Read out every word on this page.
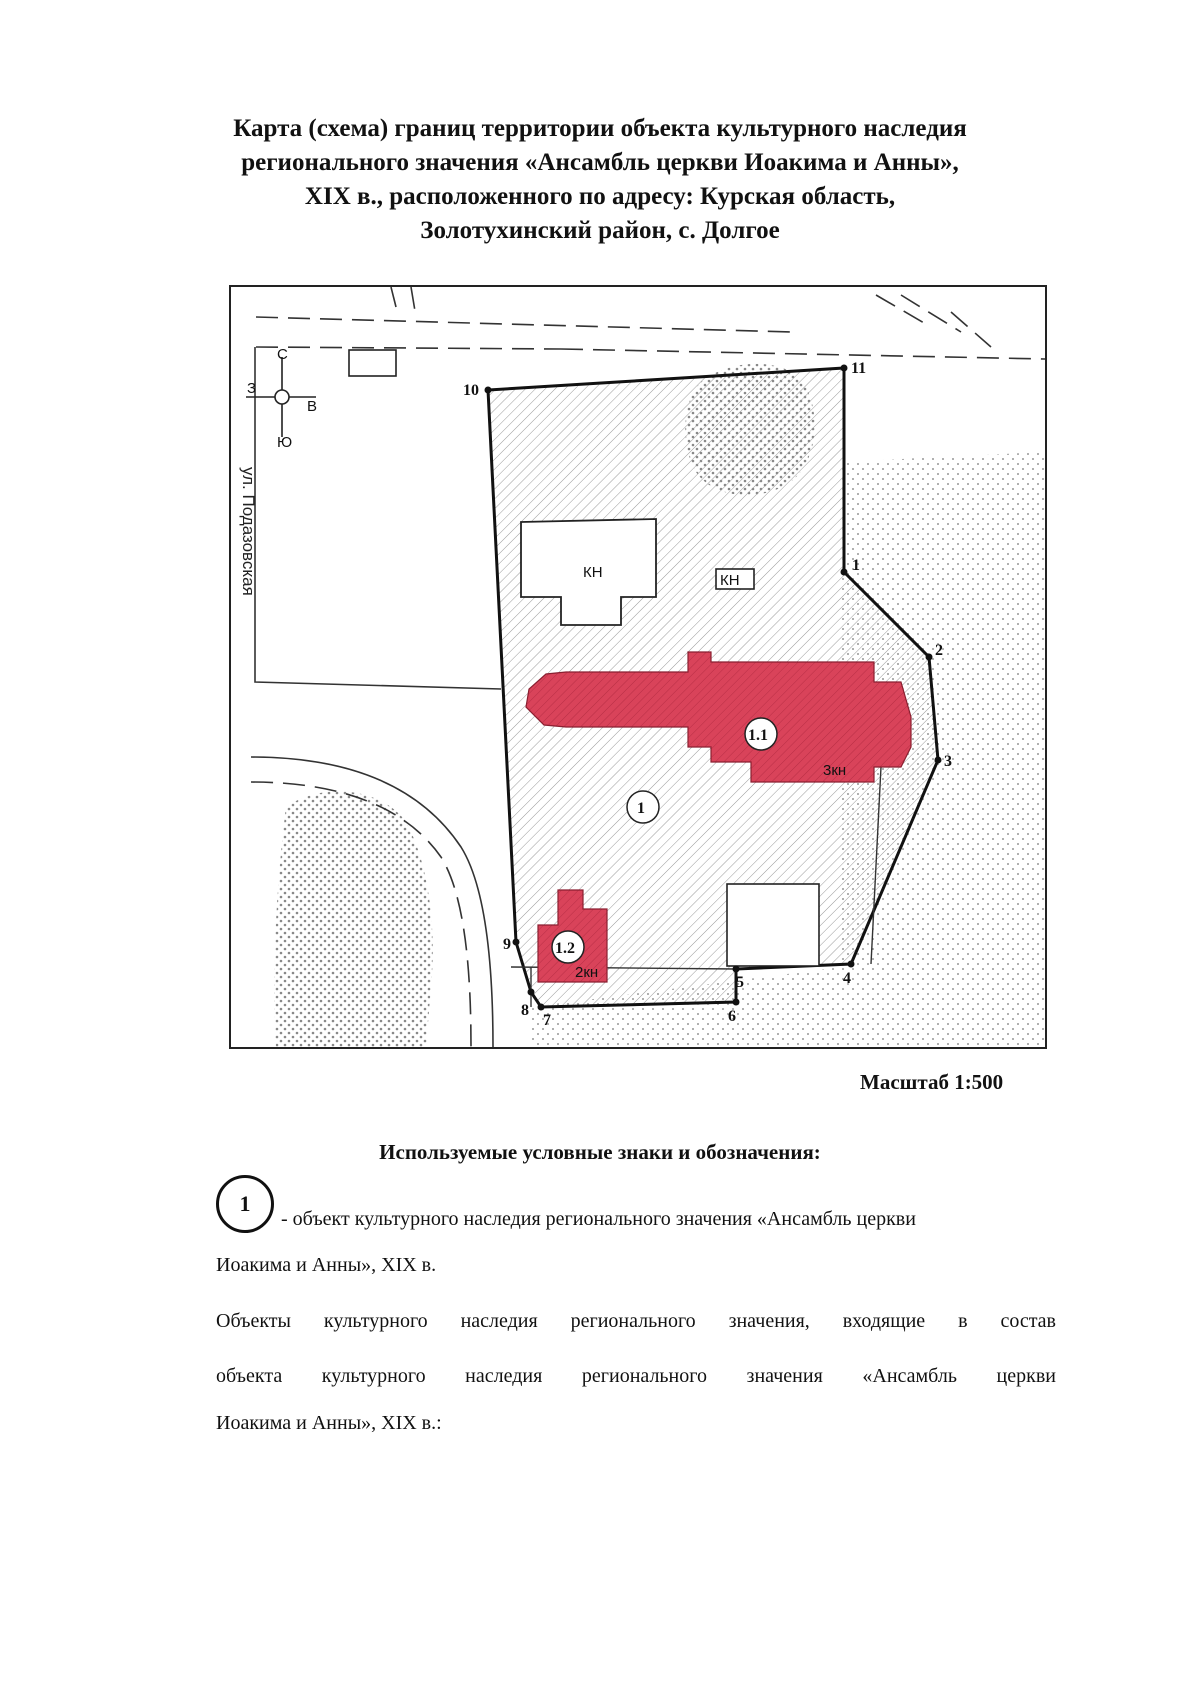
Карта (схема) границ территории объекта культурного наследия
регионального значения «Ансамбль церкви Иоакима и Анны»,
XIX в., расположенного по адресу: Курская область,
Золотухинский район, с. Долгое
С
Ю
З
В
ул. Подазовская	КН	КН
1.1
3кн
1
1.2
2кн
1
2
3
4
5
6
7
8
9
10
11
Масштаб 1:500
Используемые условные знаки и обозначения:
1
- объект культурного наследия регионального значения «Ансамбль церкви
Иоакима и Анны», XIX в.
Объекты культурного наследия регионального значения, входящие в состав
объекта культурного наследия регионального значения «Ансамбль церкви
Иоакима и Анны», XIX в.:
